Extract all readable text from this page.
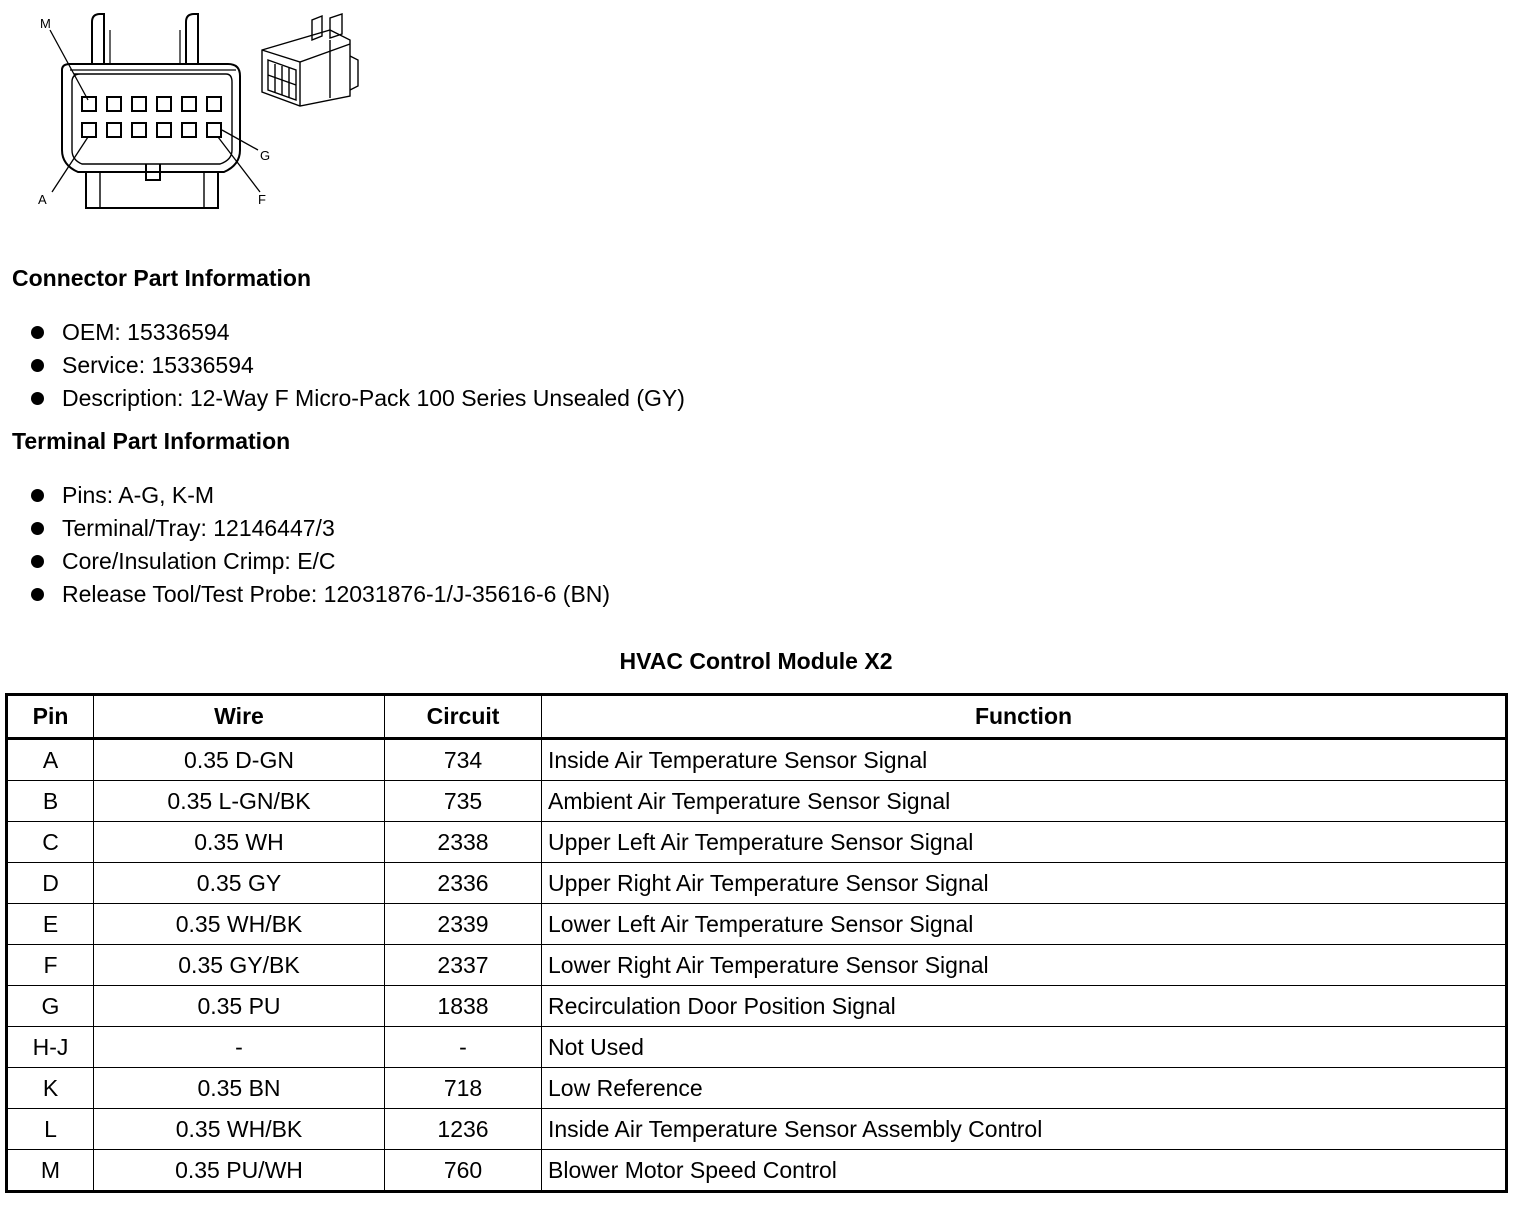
M
G
A	F
Connector Part Information
OEM: 15336594
Service: 15336594
Description: 12-Way F Micro-Pack 100 Series Unsealed (GY)
Terminal Part Information
Pins: A-G, K-M
Terminal/Tray: 12146447/3
Core/Insulation Crimp: E/C
Release Tool/Test Probe: 12031876-1/J-35616-6 (BN)
HVAC Control Module X2
Pin	Wire	Circuit	Function
A	0.35 D-GN	734	Inside Air Temperature Sensor Signal
B	0.35 L-GN/BK	735	Ambient Air Temperature Sensor Signal
C	0.35 WH	2338	Upper Left Air Temperature Sensor Signal
D	0.35 GY	2336	Upper Right Air Temperature Sensor Signal
E	0.35 WH/BK	2339	Lower Left Air Temperature Sensor Signal
F	0.35 GY/BK	2337	Lower Right Air Temperature Sensor Signal
G	0.35 PU	1838	Recirculation Door Position Signal
H-J	-	-	Not Used
K	0.35 BN	718	Low Reference
L	0.35 WH/BK	1236	Inside Air Temperature Sensor Assembly Control
M	0.35 PU/WH	760	Blower Motor Speed Control
